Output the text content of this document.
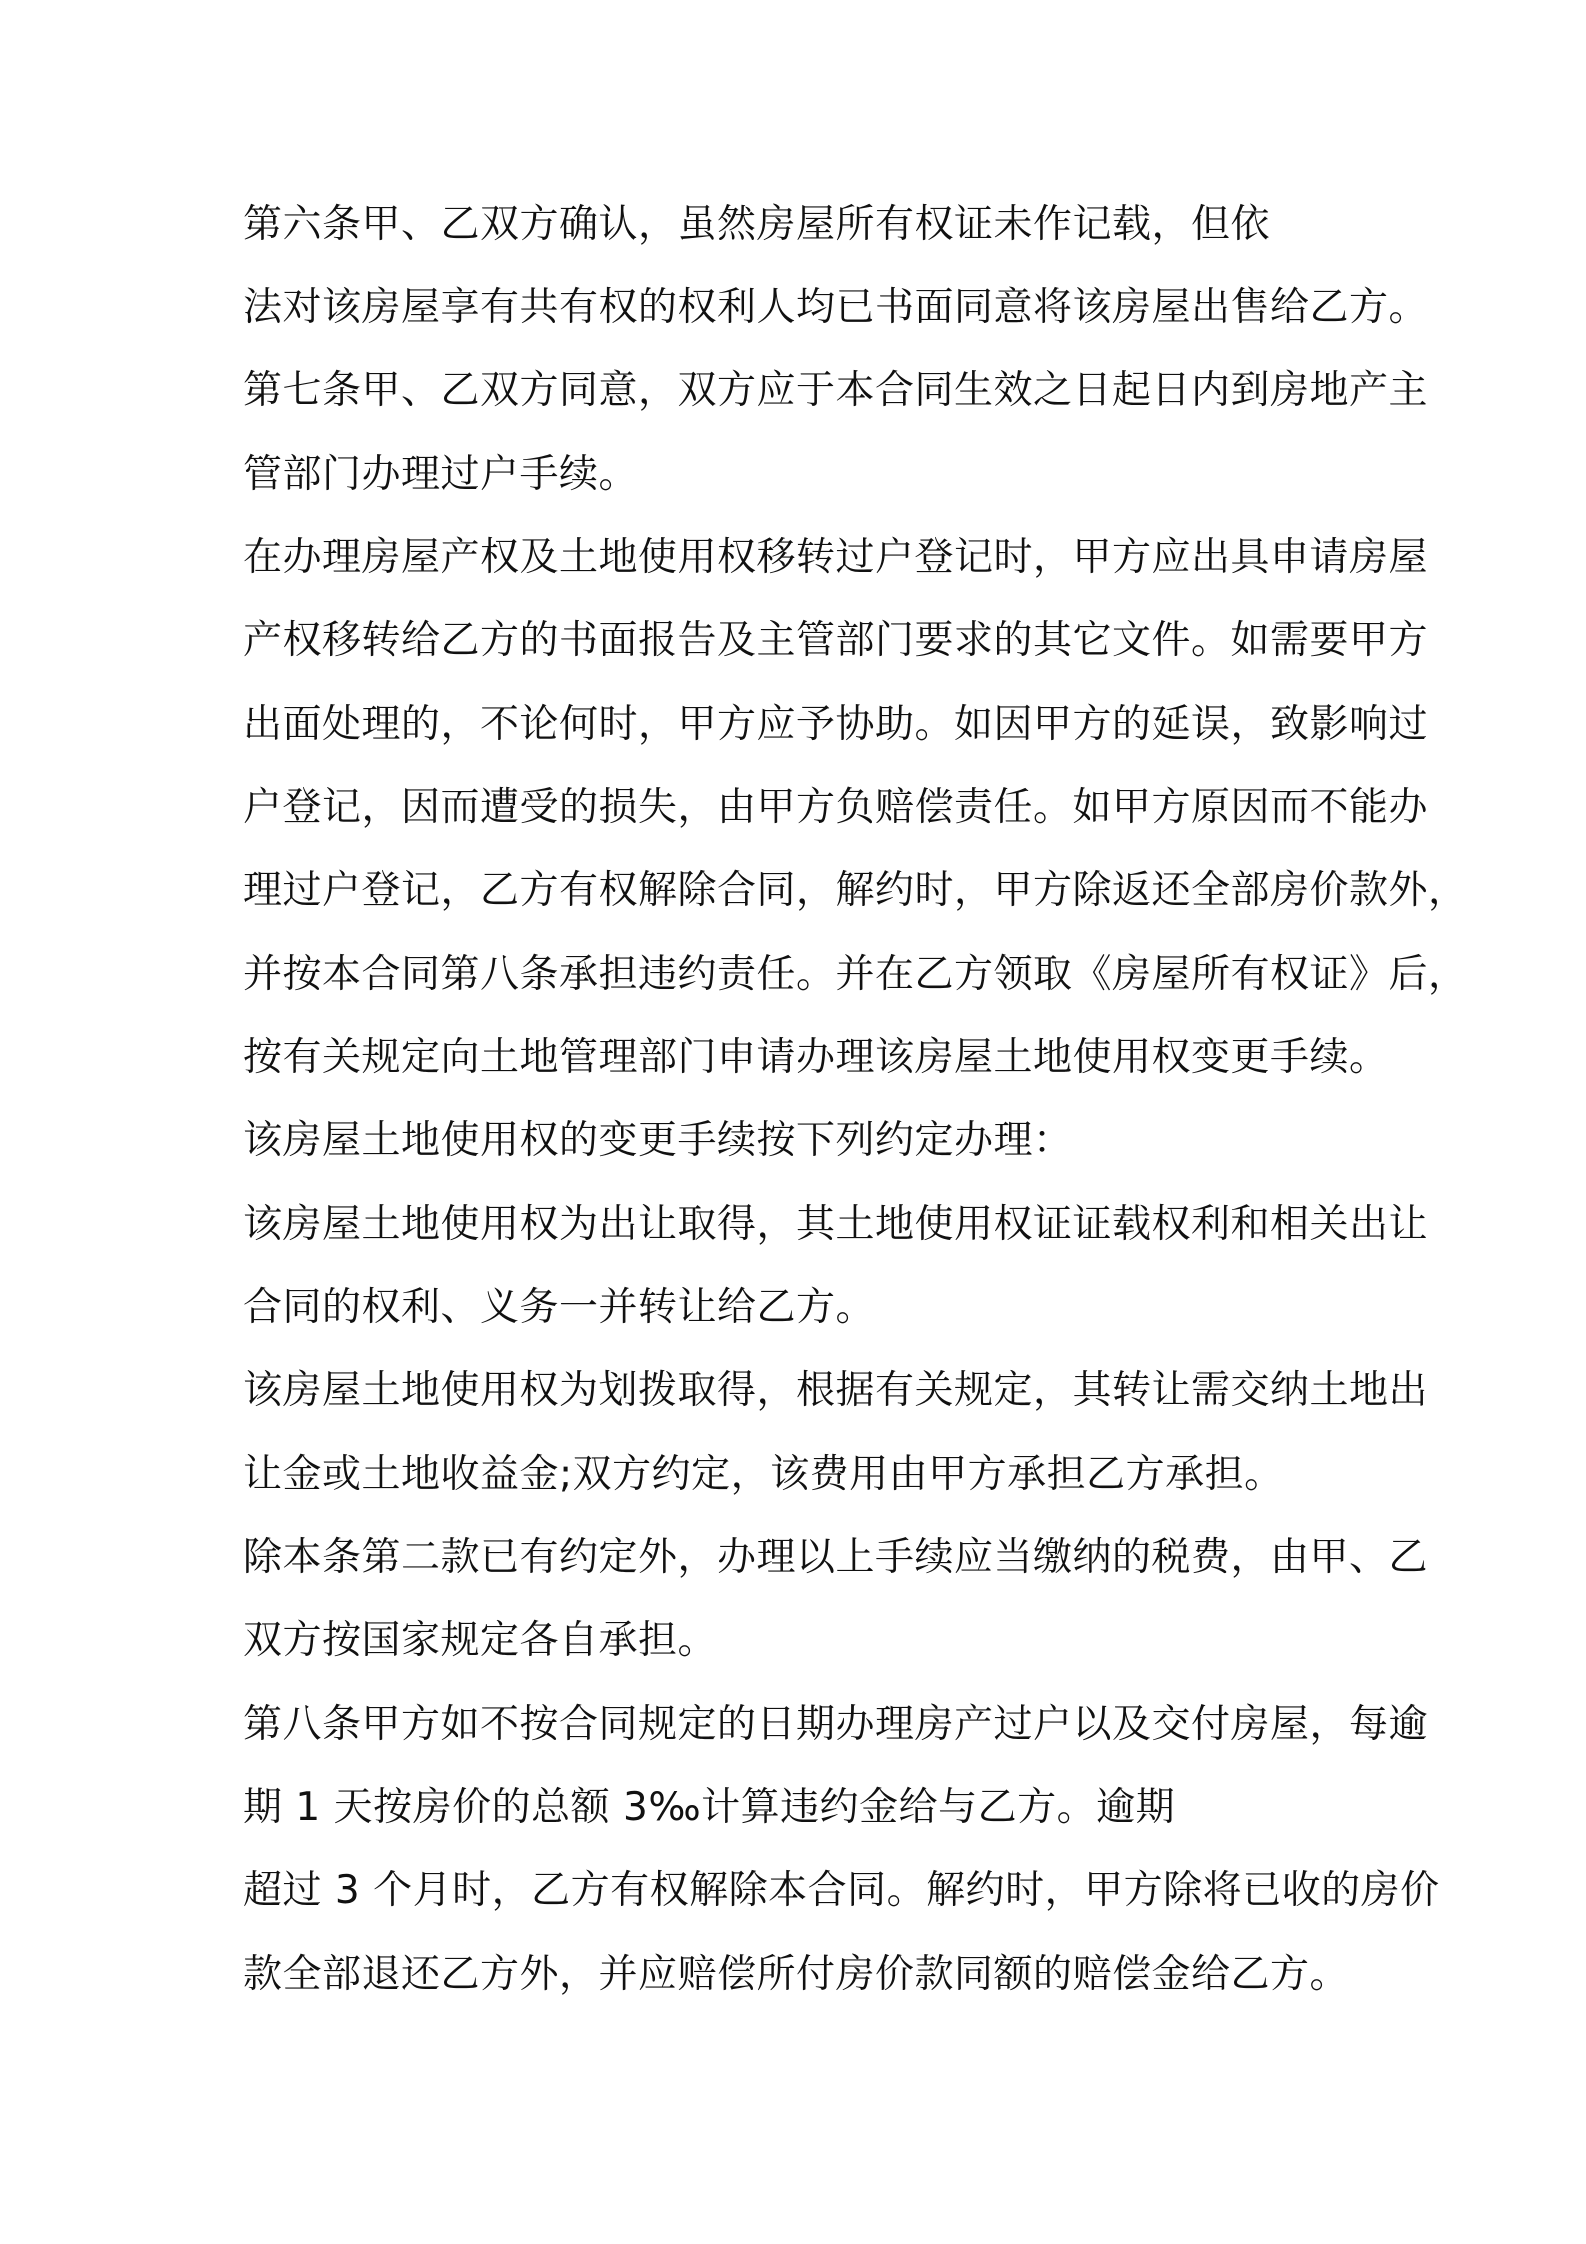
第六条甲、乙双方确认，虽然房屋所有权证未作记载，但依
法对该房屋享有共有权的权利人均已书面同意将该房屋出售给乙方。
第七条甲、乙双方同意，双方应于本合同生效之日起日内到房地产主
管部门办理过户手续。
在办理房屋产权及土地使用权移转过户登记时，甲方应出具申请房屋
产权移转给乙方的书面报告及主管部门要求的其它文件。如需要甲方
出面处理的，不论何时，甲方应予协助。如因甲方的延误，致影响过
户登记，因而遭受的损失，由甲方负赔偿责任。如甲方原因而不能办
理过户登记，乙方有权解除合同，解约时，甲方除返还全部房价款外，
并按本合同第八条承担违约责任。并在乙方领取《房屋所有权证》后，
按有关规定向土地管理部门申请办理该房屋土地使用权变更手续。
该房屋土地使用权的变更手续按下列约定办理：
该房屋土地使用权为出让取得，其土地使用权证证载权利和相关出让
合同的权利、义务一并转让给乙方。
该房屋土地使用权为划拨取得，根据有关规定，其转让需交纳土地出
让金或土地收益金;双方约定，该费用由甲方承担乙方承担。
除本条第二款已有约定外，办理以上手续应当缴纳的税费，由甲、乙
双方按国家规定各自承担。
第八条甲方如不按合同规定的日期办理房产过户以及交付房屋，每逾
期 1 天按房价的总额 3‰计算违约金给与乙方。逾期
超过 3 个月时，乙方有权解除本合同。解约时，甲方除将已收的房价
款全部退还乙方外，并应赔偿所付房价款同额的赔偿金给乙方。
